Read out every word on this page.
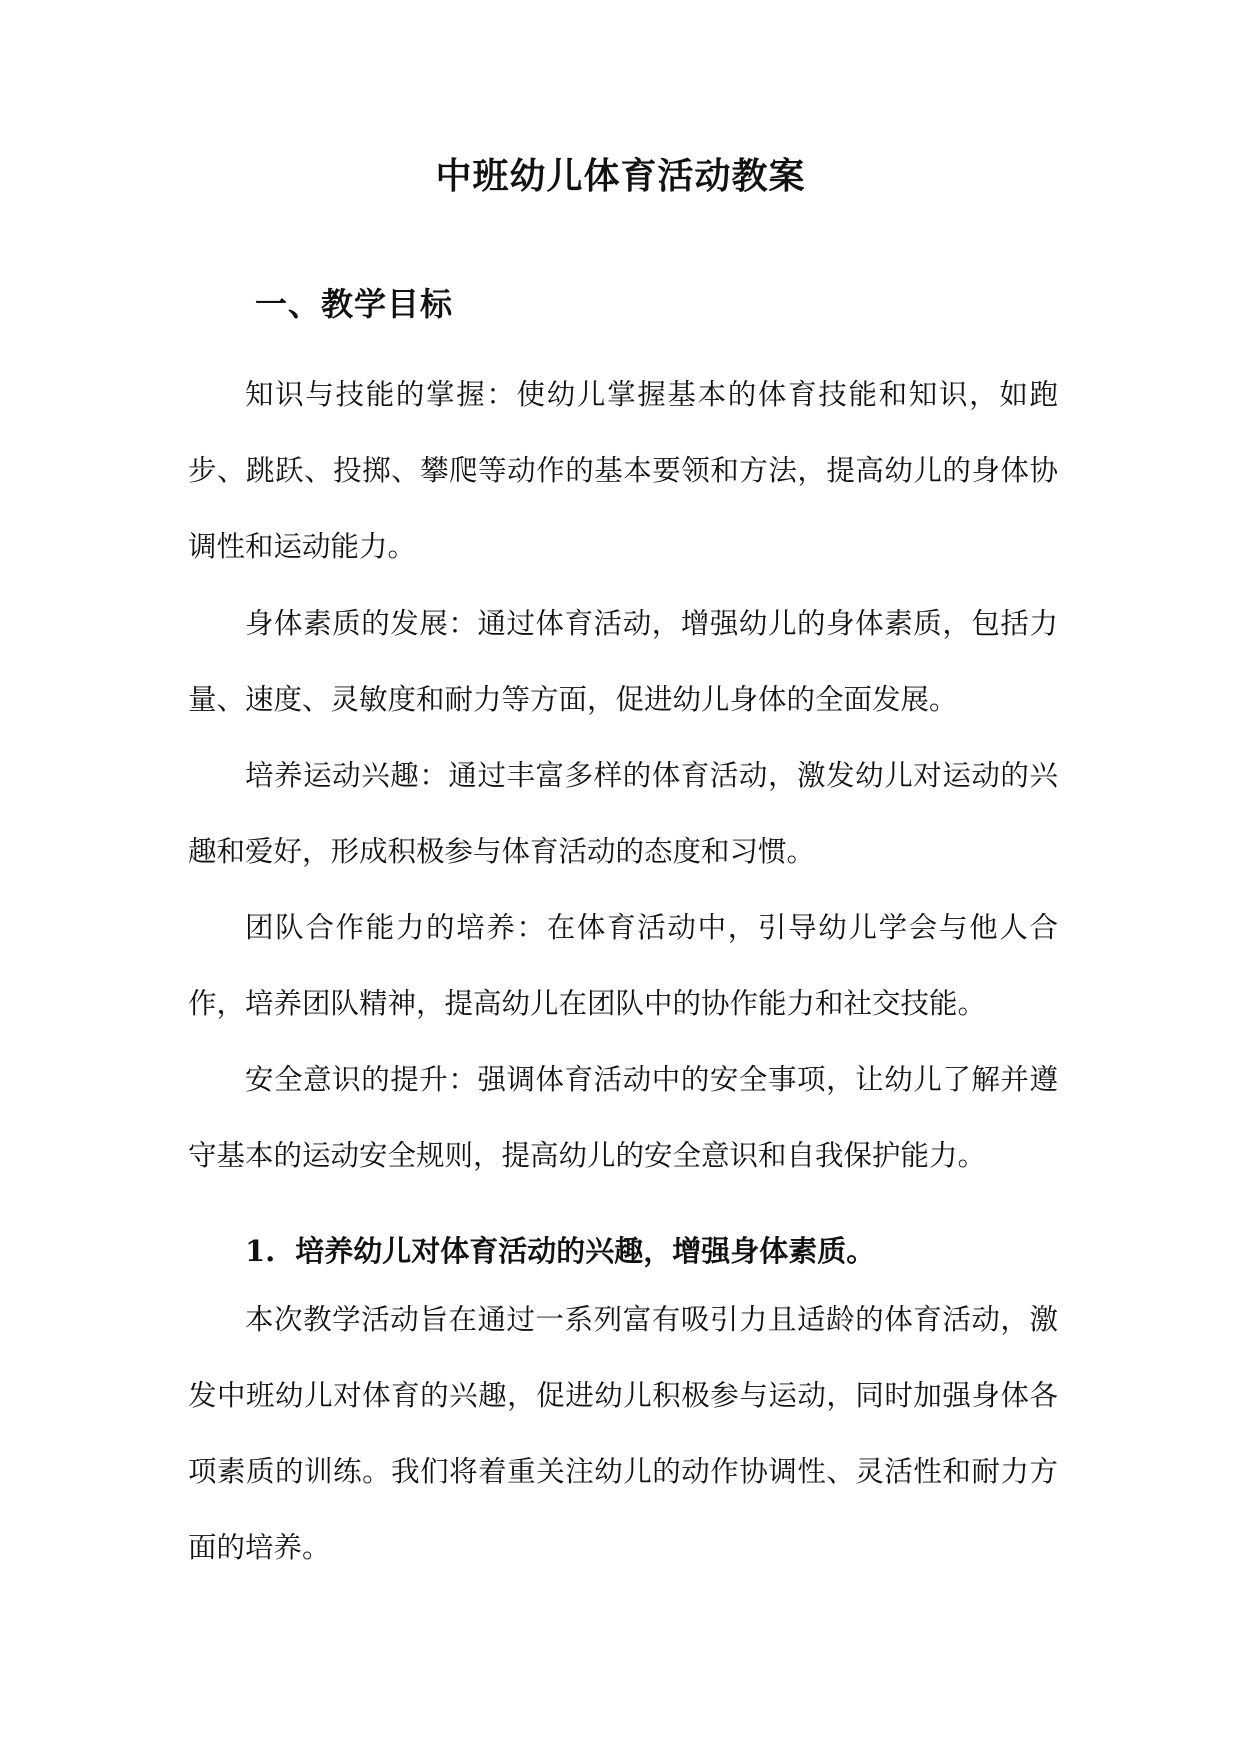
中班幼儿体育活动教案
一、教学目标

知识与技能的掌握：使幼儿掌握基本的体育技能和知识，如跑步、跳跃、投掷、攀爬等动作的基本要领和方法，提高幼儿的身体协调性和运动能力。

身体素质的发展：通过体育活动，增强幼儿的身体素质，包括力量、速度、灵敏度和耐力等方面，促进幼儿身体的全面发展。

培养运动兴趣：通过丰富多样的体育活动，激发幼儿对运动的兴趣和爱好，形成积极参与体育活动的态度和习惯。

团队合作能力的培养：在体育活动中，引导幼儿学会与他人合作，培养团队精神，提高幼儿在团队中的协作能力和社交技能。

安全意识的提升：强调体育活动中的安全事项，让幼儿了解并遵守基本的运动安全规则，提高幼儿的安全意识和自我保护能力。

1. 培养幼儿对体育活动的兴趣，增强身体素质。

本次教学活动旨在通过一系列富有吸引力且适龄的体育活动，激发中班幼儿对体育的兴趣，促进幼儿积极参与运动，同时加强身体各项素质的训练。我们将着重关注幼儿的动作协调性、灵活性和耐力方面的培养。
